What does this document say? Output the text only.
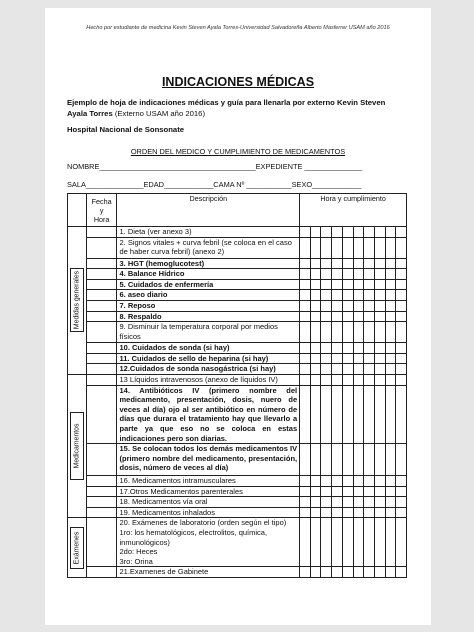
Hecho por estudiante de medicina Kevin Steven Ayala Torres-Universidad Salvadoreña Alberto Masferrer USAM año 2016
INDICACIONES MÉDICAS
Ejemplo de hoja de indicaciones médicas y guía para llenarla por externo Kevin Steven Ayala Torres (Externo USAM año 2016)
Hospital Nacional de Sonsonate
ORDEN DEL MEDICO Y CUMPLIMIENTO DE MEDICAMENTOS
NOMBRE______________________________________EXPEDIENTE ______________
SALA______________EDAD____________CAMA Nº ___________SEXO____________
	Fecha
y
Hora	Descripción	Hora y cumplimiento									

Medidas generales		1. Dieta (ver anexo 3)										
		2. Signos vitales + curva febril (se coloca en el caso de haber curva febril) (anexo 2)										
		3. HGT (hemoglucotest)										
		4. Balance Hídrico										
		5. Cuidados de enfermería										
		6. aseo diario										
		7. Reposo										
		8. Respaldo										
		9. Disminuir la temperatura corporal por medios físicos										
		10. Cuidados de sonda (si hay)										
		11. Cuidados de sello de heparina (si hay)										
		12.Cuidados de sonda nasogástrica (si hay)										

Medicamentos		13 Líquidos intravenosos (anexo de líquidos IV)										
		14. Antibióticos IV (primero nombre del medicamento, presentación, dosis, nuero de veces al día) ojo al ser antibiótico en número de días que durara el tratamiento hay que llevarlo a parte ya que eso no se coloca en estas indicaciones pero son diarias.										
		15. Se colocan todos los demás medicamentos IV (primero nombre del medicamento, presentación, dosis, número de veces al día)										
		16. Medicamentos intramusculares										
		17.Otros Medicamentos parenterales										
		18. Medicamentos vía oral										
		19. Medicamentos inhalados										

Exámenes		20. Exámenes de laboratorio (orden según el tipo)
1ro: los hematológicos, electrolitos, química, inmunológicos)
2do: Heces
3ro: Orina										
		21.Examenes de Gabinete										
